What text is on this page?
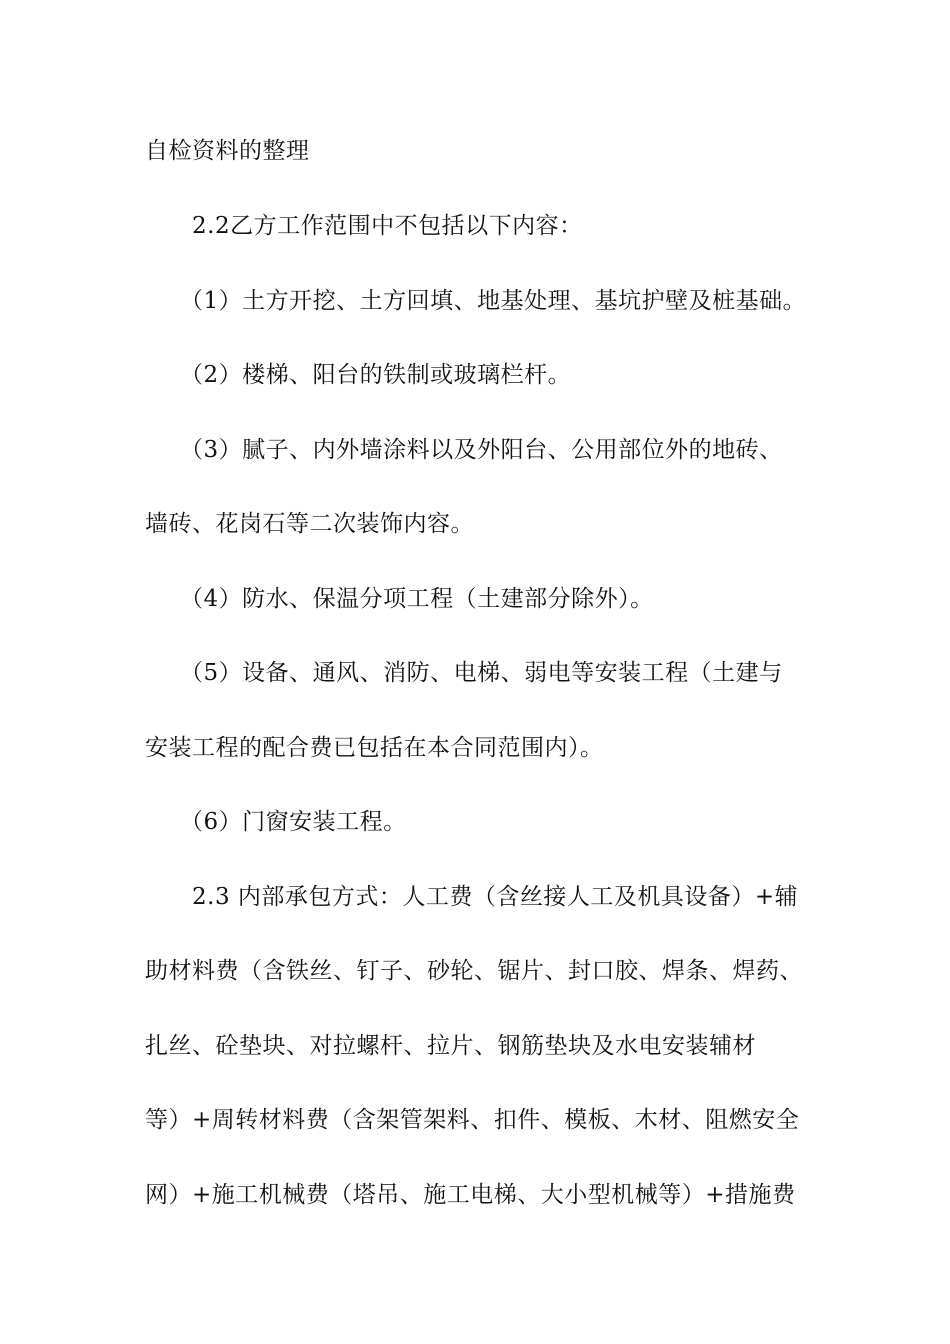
自检资料的整理
2.2乙方工作范围中不包括以下内容：
（1）土方开挖、土方回填、地基处理、基坑护壁及桩基础。
（2）楼梯、阳台的铁制或玻璃栏杆。
（3）腻子、内外墙涂料以及外阳台、公用部位外的地砖、
墙砖、花岗石等二次装饰内容。
（4）防水、保温分项工程（土建部分除外）。
（5）设备、通风、消防、电梯、弱电等安装工程（土建与
安装工程的配合费已包括在本合同范围内）。
（6）门窗安装工程。
2.3 内部承包方式：人工费（含丝接人工及机具设备）+辅
助材料费（含铁丝、钉子、砂轮、锯片、封口胶、焊条、焊药、
扎丝、砼垫块、对拉螺杆、拉片、钢筋垫块及水电安装辅材
等）+周转材料费（含架管架料、扣件、模板、木材、阻燃安全
网）+施工机械费（塔吊、施工电梯、大小型机械等）+措施费
